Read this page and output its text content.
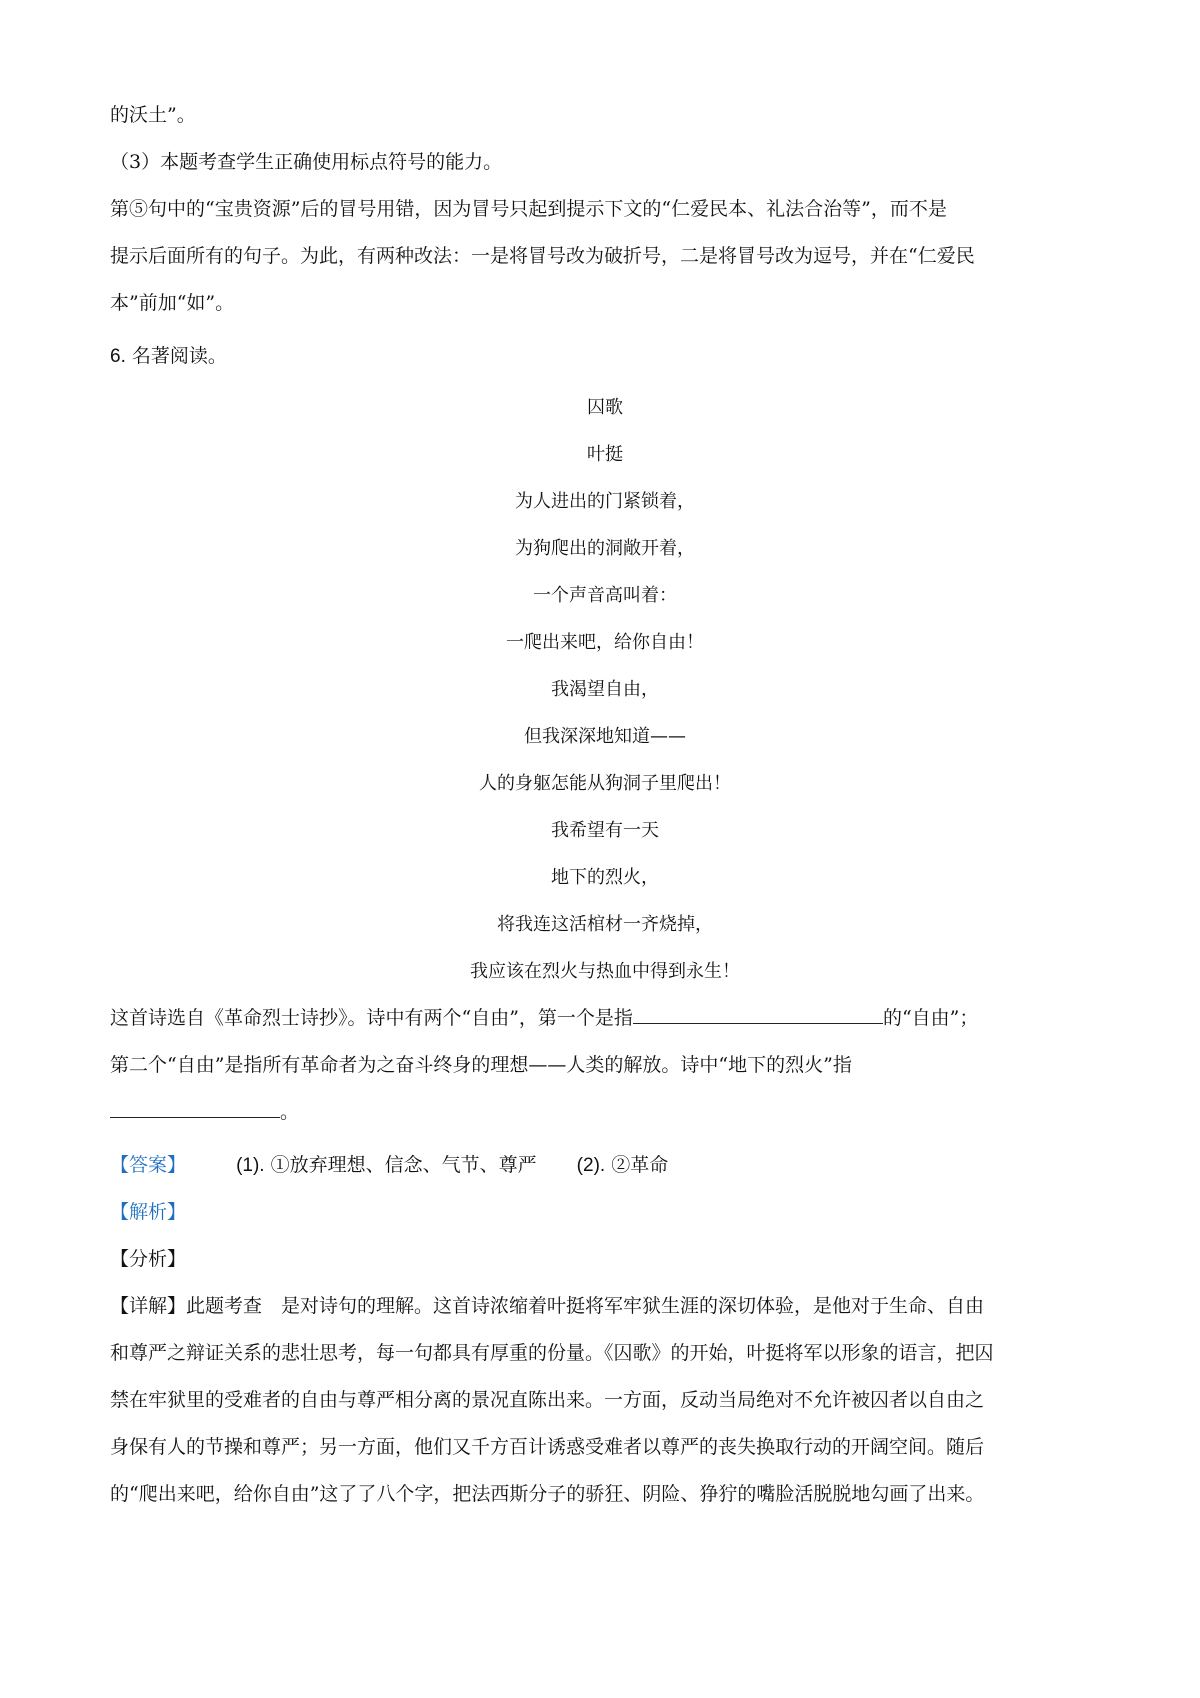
的沃土”。

（3）本题考查学生正确使用标点符号的能力。

第⑤句中的“宝贵资源”后的冒号用错，因为冒号只起到提示下文的“仁爱民本、礼法合治等”，而不是

提示后面所有的句子。为此，有两种改法：一是将冒号改为破折号，二是将冒号改为逗号，并在“仁爱民

本”前加“如”。

6. 名著阅读。

囚歌

叶挺

为人进出的门紧锁着，

为狗爬出的洞敞开着，

一个声音高叫着：

一爬出来吧，给你自由！

我渴望自由，

但我深深地知道——

人的身躯怎能从狗洞子里爬出！

我希望有一天

地下的烈火，

将我连这活棺材一齐烧掉，

我应该在烈火与热血中得到永生！

这首诗选自《革命烈士诗抄》。诗中有两个“自由”，第一个是指	的“自由”；

第二个“自由”是指所有革命者为之奋斗终身的理想——人类的解放。诗中“地下的烈火”指

。

【答案】	(1). ①放弃理想、信念、气节、尊严 (2). ②革命

【解析】

【分析】

【详解】此题考查　是对诗句的理解。这首诗浓缩着叶挺将军牢狱生涯的深切体验，是他对于生命、自由

和尊严之辩证关系的悲壮思考，每一句都具有厚重的份量。《囚歌》的开始，叶挺将军以形象的语言，把囚

禁在牢狱里的受难者的自由与尊严相分离的景况直陈出来。一方面，反动当局绝对不允许被囚者以自由之

身保有人的节操和尊严；另一方面，他们又千方百计诱惑受难者以尊严的丧失换取行动的开阔空间。随后

的“爬出来吧，给你自由”这了了八个字，把法西斯分子的骄狂、阴险、狰狞的嘴脸活脱脱地勾画了出来。
